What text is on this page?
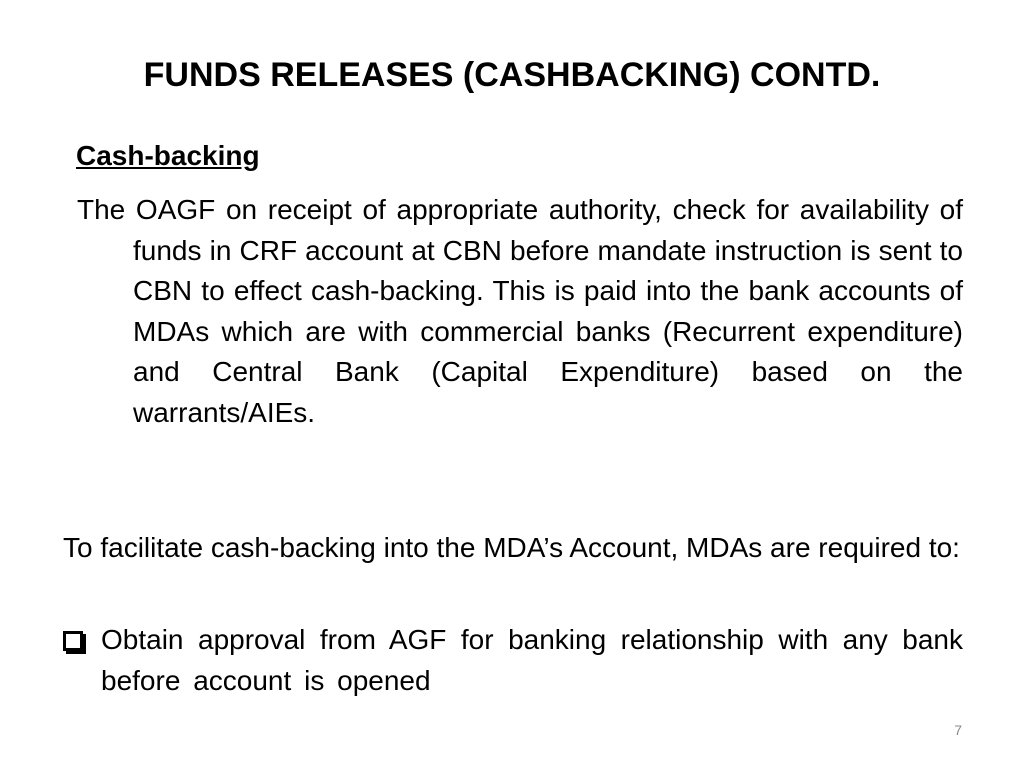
FUNDS RELEASES (CASHBACKING) CONTD.

Cash-backing

The OAGF on receipt of appropriate authority, check for availability of funds in CRF account at CBN before mandate instruction is sent to CBN to effect cash-backing. This is paid into the bank accounts of MDAs which are with commercial banks (Recurrent expenditure) and Central Bank (Capital Expenditure) based on the warrants/AIEs.

To facilitate cash-backing into the MDA’s Account, MDAs are required to:

Obtain approval from AGF for banking relationship with any bank before account is opened

7
